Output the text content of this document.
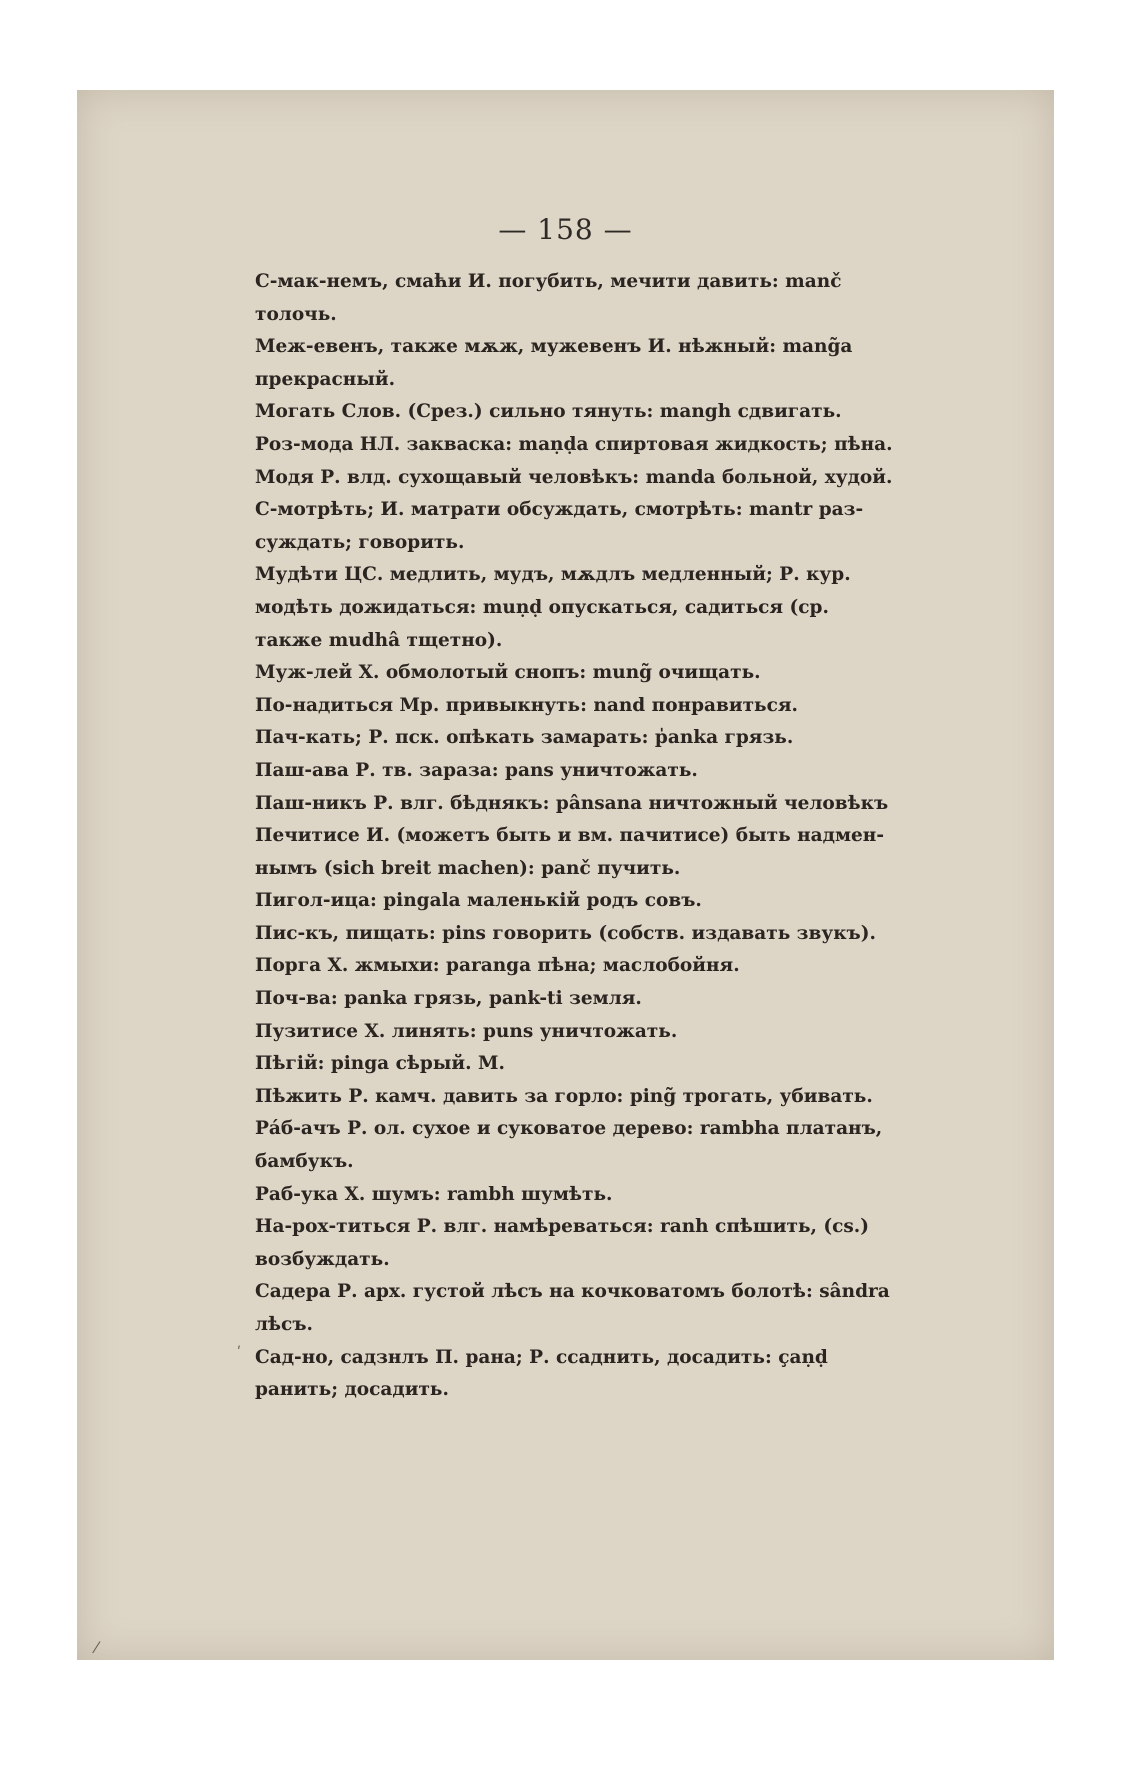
— 158 —

С-мак-немъ, смаћи И. погубить, мечити давить: manč
толочь.

Меж-евенъ, также мѫж, мужевенъ И. нѣжный: mang̃a
прекрасный.

Мoгать Слов. (Срез.) сильно тянуть: mangh сдвигать.

Роз-мода НЛ. закваска: maṇḍa спиртовая жидкость; пѣна.

Модя Р. влд. сухощавый человѣкъ: manda больной, худой.

С-мотрѣть; И. матрати обсуждать, смотрѣть: mantr раз-
суждать; говорить.

Мудѣти ЦС. медлить, мудъ, мѫдлъ медленный; Р. кур.
модѣть дожидаться: muṇḍ опускаться, садиться (ср.
также mudhâ тщетно).

Муж-лей Х. обмолотый снопъ: mung̃ очищать.

По-надиться Мр. привыкнуть: nand понравиться.

Пач-кать; Р. пск. опѣкать замарать: p̍anka грязь.

Паш-ава Р. тв. зараза: pans уничтожать.

Паш-никъ Р. влг. бѣднякъ: pânsana ничтожный человѣкъ

Печитисе И. (можетъ быть и вм. пачитисе) быть надмен-
нымъ (sich breit machen): panč пучить.

Пигол-ица: pingala маленькій родъ совъ.

Пис-къ, пищать: pins говорить (собств. издавать звукъ).

Порга Х. жмыхи: paranga пѣна; маслобойня.

Поч-ва: panka грязь, pank-ti земля.

Пузитисе Х. линять: puns уничтожать.

Пѣгій: pinga сѣрый. М.

Пѣжить Р. камч. давить за горло: ping̃ трогать, убивать.

Ра́б-ачъ Р. ол. сухое и суковатое дерево: rambha платанъ,
бамбукъ.

Раб-ука Х. шумъ: rambh шумѣть.

На-рох-титься Р. влг. намѣреваться: ranh спѣшить, (cs.)
возбуждать.

Садера Р. арх. густой лѣсъ на кочковатомъ болотѣ: sândra
лѣсъ.

Сад-но, садзнлъ П. рана; Р. ссаднить, досадить: çaṇḍ
ранить; досадить.

ʹ
⁄
